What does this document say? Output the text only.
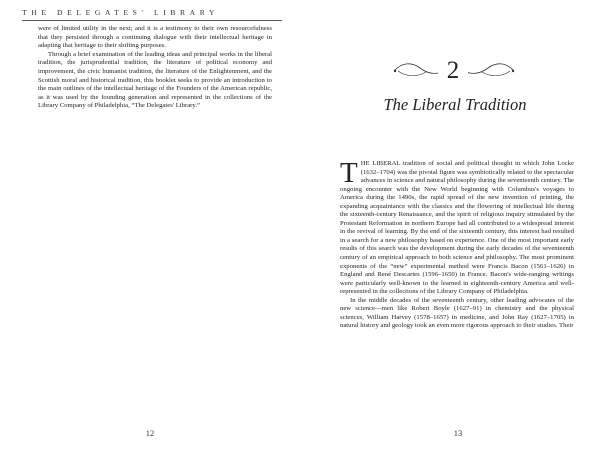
THE DELEGATES' LIBRARY

were of limited utility in the next; and it is a testimony to their own resourcefulness that they persisted through a continuing dialogue with their intellectual heritage in adapting that heritage to their shifting purposes.

Through a brief examination of the leading ideas and principal works in the liberal tradition, the jurisprudential tradition, the literature of political economy and improvement, the civic humanist tradition, the literature of the Enlightenment, and the Scottish moral and historical tradition, this booklet seeks to provide an introduction to the main outlines of the intellectual heritage of the Founders of the American republic, as it was used by the founding generation and represented in the collections of the Library Company of Philadelphia, “The Delegates' Library.”

12
2
The Liberal Tradition

THE LIBERAL tradition of social and political thought in which John Locke (1632–1704) was the pivotal figure was symbiotically related to the spectacular advances in science and natural philosophy during the seventeenth century. The ongoing encounter with the New World beginning with Columbus's voyages to America during the 1490s, the rapid spread of the new invention of printing, the expanding acquaintance with the classics and the flowering of intellectual life during the sixteenth-century Renaissance, and the spirit of religious inquiry stimulated by the Protestant Reformation in northern Europe had all contributed to a widespread interest in the revival of learning. By the end of the sixteenth century, this interest had resulted in a search for a new philosophy based on experience. One of the most important early results of this search was the development during the early decades of the seventeenth century of an empirical approach to both science and philosophy. The most prominent exponents of the “new” experimental method were Francis Bacon (1561–1626) in England and René Descartes (1596–1650) in France. Bacon's wide-ranging writings were particularly well-known to the learned in eighteenth-century America and well-represented in the collections of the Library Company of Philadelphia.

In the middle decades of the seventeenth century, other leading advocates of the new science—men like Robert Boyle (1627–91) in chemistry and the physical sciences, William Harvey (1578–1657) in medicine, and John Ray (1627–1705) in natural history and geology took an even more rigorous approach to their studies. Their

13
